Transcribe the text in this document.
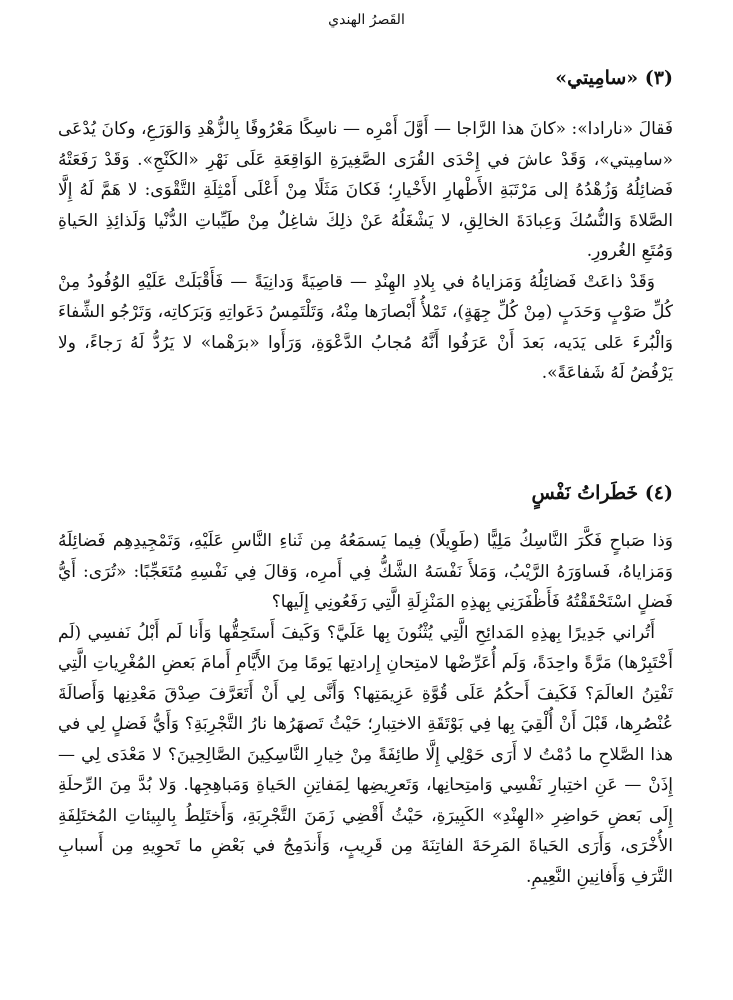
القَصرُ الهندي
(٣) «سامِيتي»

فَقالَ «نارادا»: «كانَ هذا الرَّاجا — أَوَّلَ أَمْرِه — ناسِكًا مَعْرُوفًا بِالزُّهْدِ وَالوَرَعِ، وكانَ يُدْعَى «سامِيتي»، وَقَدْ عاشَ في إِحْدَى القُرَى الصَّغِيرَةِ الوَاقِعَةِ عَلَى نَهْرِ «الكَنْجِ». وَقَدْ رَفَعَتْهُ فَضائِلُهُ وَزُهْدُهُ إلى مَرْتَبَةِ الأَطْهارِ الأَخْيارِ؛ فَكانَ مَثَلًا مِنْ أَعْلَى أَمْثِلَةِ التَّقْوَى: لا هَمَّ لَهُ إِلَّا الصَّلاةَ وَالنُّسُكَ وَعِبادَةَ الخالِقِ، لا يَشْغَلُهُ عَنْ ذلِكَ شاغِلٌ مِنْ طَيِّباتِ الدُّنْيا وَلَذائِذِ الحَياةِ وَمُتَعِ الغُرورِ.

وَقَدْ ذاعَتْ فَضائِلُهُ وَمَزاياهُ في بِلادِ الهِنْدِ — قاصِيَةً وَدانِيَةً — فَأَقْبَلَتْ عَلَيْهِ الوُفُودُ مِنْ كُلِّ صَوْبٍ وَحَدَبٍ (مِنْ كُلِّ جِهَةٍ)، تَمْلأُ أَبْصارَها مِنْهُ، وَتَلْتَمِسُ دَعَواتِهِ وَبَرَكاتِه، وَتَرْجُو الشِّفاءَ وَالْبُرءَ عَلى يَدَيه، بَعدَ أَنْ عَرَفُوا أَنَّهُ مُجابُ الدَّعْوَةِ، وَرَأَوا «برَهْما» لا يَرُدُّ لَهُ رَجاءً، ولا يَرْفُضُ لَهُ شَفاعَةً».

(٤) خَطَراتُ نَفْسٍ

وَذا صَباحٍ فَكَّرَ النَّاسِكُ مَلِيًّا (طَوِيلًا) فِيما يَسمَعُهُ مِن ثَناءِ النَّاسِ عَلَيْهِ، وَتَمْجِيدِهِم فَضائِلَهُ وَمَزاياهُ، فَساوَرَهُ الرَّيْبُ، وَمَلأَ نَفْسَهُ الشَّكُّ فِي أَمرِه، وَقالَ فِي نَفْسِهِ مُتَعَجِّبًا: «تُرَى: أَيُّ فَضلٍ اسْتَحْقَقْتُهُ فَأَظْفَرَنِي بِهذِهِ المَنْزِلَةِ الَّتِي رَفَعُونِي إِلَيها؟

أَتُراني جَدِيرًا بِهذِهِ المَدائِحِ الَّتِي يُثْنُونَ بِها عَلَيَّ؟ وَكَيفَ أَستَحِقُّها وَأَنا لَم أَبْلُ نَفسِي (لَم أَخْتَبِرْها) مَرَّةً واحِدَةً، وَلَم أُعَرِّضْها لامتِحانِ إِرادتِها يَومًا مِنَ الأَيَّامِ أَمامَ بَعضِ المُغْرِياتِ الَّتِي تَفْتِنُ العالَمَ؟ فَكَيفَ أَحكُمُ عَلَى قُوَّةِ عَزِيمَتِها؟ وَأَنَّى لِي أَنْ أَتَعَرَّفَ صِدْقَ مَعْدِنِها وَأَصالَةَ عُنْصُرِها، قَبْلَ أَنْ أُلْقِيَ بِها فِي بَوْتَقَةِ الاختِبارِ؛ حَيْثُ تَصهَرُها نارُ التَّجْرِبَةِ؟ وَأَيُّ فَضلٍ لِي في هذا الصَّلاحِ ما دُمْتُ لا أَرَى حَوْلِي إِلَّا طائِفَةً مِنْ خِيارِ النَّاسِكِينَ الصَّالِحِينَ؟ لا مَعْدَى لِي — إِذَنْ — عَنِ اختِبارِ نَفْسِي وَامتِحانِها، وَتَعرِيضِها لِمَفاتِنِ الحَياةِ وَمَباهِجِها. وَلا بُدَّ مِنَ الرِّحلَةِ إِلَى بَعضِ حَواضِرِ «الهِنْدِ» الكَبِيرَةِ، حَيْثُ أَقْضِي زَمَنَ التَّجْرِبَةِ، وَأَختَلِطُ بِالبِيئاتِ المُختَلِفَةِ الأُخْرَى، وَأَرَى الحَياةَ المَرِحَةَ الفاتِنَةَ مِن قَرِيبٍ، وَأَندَمِجُ في بَعْضِ ما تَحوِيهِ مِن أَسبابِ التَّرَفِ وَأَفانِينِ النَّعِيمِ.
